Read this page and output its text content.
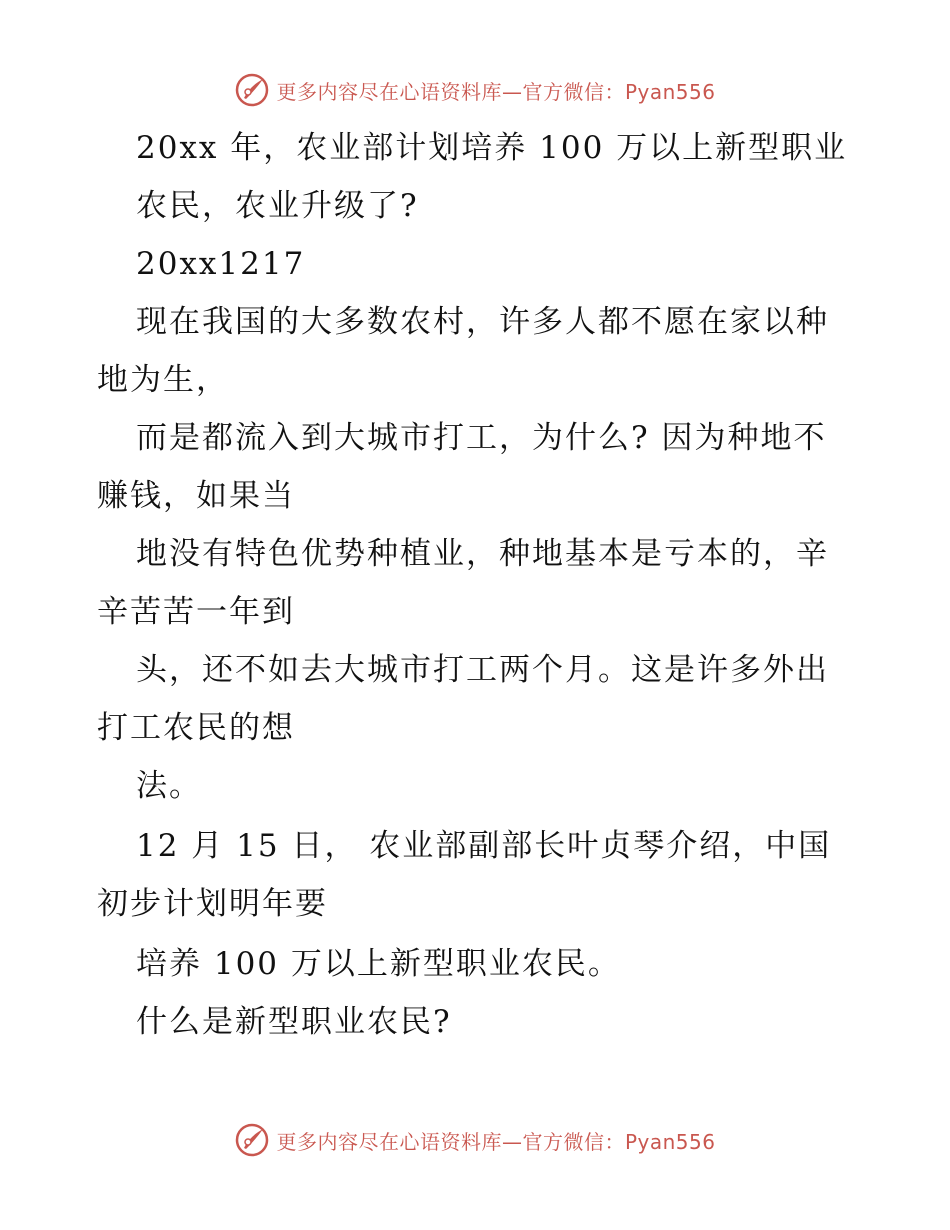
更多内容尽在心语资料库—官方微信：Pyan556
20xx 年，农业部计划培养 100 万以上新型职业
农民，农业升级了?
20xx1217
现在我国的大多数农村，许多人都不愿在家以种
地为生，
而是都流入到大城市打工，为什么? 因为种地不
赚钱，如果当
地没有特色优势种植业，种地基本是亏本的，辛
辛苦苦一年到
头，还不如去大城市打工两个月。这是许多外出
打工农民的想
法。
12 月 15 日， 农业部副部长叶贞琴介绍，中国
初步计划明年要
培养 100 万以上新型职业农民。
什么是新型职业农民?
更多内容尽在心语资料库—官方微信：Pyan556
